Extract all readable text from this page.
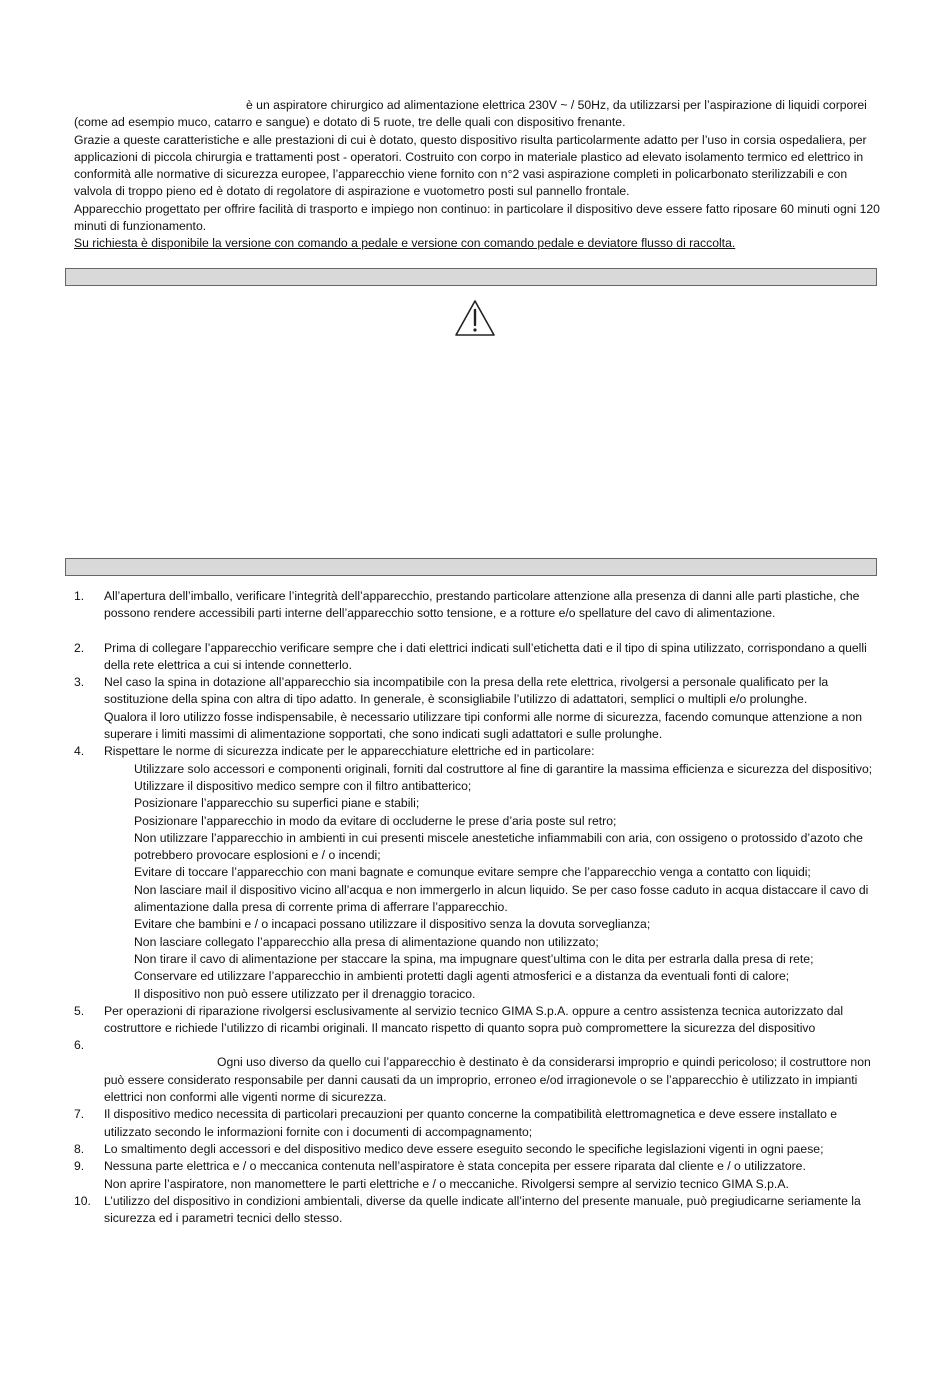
è un aspiratore chirurgico ad alimentazione elettrica 230V ~ / 50Hz, da utilizzarsi per l’aspirazione di liquidi corporei (come ad esempio muco, catarro e sangue) e dotato di 5 ruote, tre delle quali con dispositivo frenante.

Grazie a queste caratteristiche e alle prestazioni di cui è dotato, questo dispositivo risulta particolarmente adatto per l’uso in corsia ospedaliera, per applicazioni di piccola chirurgia e trattamenti post - operatori. Costruito con corpo in materiale plastico ad elevato isolamento termico ed elettrico in conformità alle normative di sicurezza europee, l’apparecchio viene fornito con n°2 vasi aspirazione completi in policarbonato sterilizzabili e con valvola di troppo pieno ed è dotato di regolatore di aspirazione e vuotometro posti sul pannello frontale.

Apparecchio progettato per offrire facilità di trasporto e impiego non continuo: in particolare il dispositivo deve essere fatto riposare 60 minuti ogni 120 minuti di funzionamento.

Su richiesta è disponibile la versione con comando a pedale e versione con comando pedale e deviatore flusso di raccolta.

1. All’apertura dell’imballo, verificare l’integrità dell’apparecchio, prestando particolare attenzione alla presenza di danni alle parti plastiche, che possono rendere accessibili parti interne dell’apparecchio sotto tensione, e a rotture e/o spellature del cavo di alimentazione.

2. Prima di collegare l’apparecchio verificare sempre che i dati elettrici indicati sull’etichetta dati e il tipo di spina utilizzato, corrispondano a quelli della rete elettrica a cui si intende connetterlo.

3. Nel caso la spina in dotazione all’apparecchio sia incompatibile con la presa della rete elettrica, rivolgersi a personale qualificato per la sostituzione della spina con altra di tipo adatto. In generale, è sconsigliabile l’utilizzo di adattatori, semplici o multipli e/o prolunghe.

Qualora il loro utilizzo fosse indispensabile, è necessario utilizzare tipi conformi alle norme di sicurezza, facendo comunque attenzione a non superare i limiti massimi di alimentazione sopportati, che sono indicati sugli adattatori e sulle prolunghe.

4. Rispettare le norme di sicurezza indicate per le apparecchiature elettriche ed in particolare:

Utilizzare solo accessori e componenti originali, forniti dal costruttore al fine di garantire la massima efficienza e sicurezza del dispositivo;

Utilizzare il dispositivo medico sempre con il filtro antibatterico;

Posizionare l’apparecchio su superfici piane e stabili;

Posizionare l’apparecchio in modo da evitare di occluderne le prese d’aria poste sul retro;

Non utilizzare l’apparecchio in ambienti in cui presenti miscele anestetiche infiammabili con aria, con ossigeno o protossido d’azoto che potrebbero provocare esplosioni e / o incendi;

Evitare di toccare l’apparecchio con mani bagnate e comunque evitare sempre che l’apparecchio venga a contatto con liquidi;

Non lasciare mail il dispositivo vicino all’acqua e non immergerlo in alcun liquido. Se per caso fosse caduto in acqua distaccare il cavo di alimentazione dalla presa di corrente prima di afferrare l’apparecchio.

Evitare che bambini e / o incapaci possano utilizzare il dispositivo senza la dovuta sorveglianza;

Non lasciare collegato l’apparecchio alla presa di alimentazione quando non utilizzato;

Non tirare il cavo di alimentazione per staccare la spina, ma impugnare quest’ultima con le dita per estrarla dalla presa di rete;

Conservare ed utilizzare l’apparecchio in ambienti protetti dagli agenti atmosferici e a distanza da eventuali fonti di calore;

Il dispositivo non può essere utilizzato per il drenaggio toracico.

5. Per operazioni di riparazione rivolgersi esclusivamente al servizio tecnico GIMA S.p.A. oppure a centro assistenza tecnica autorizzato dal costruttore e richiede l’utilizzo di ricambi originali. Il mancato rispetto di quanto sopra può compromettere la sicurezza del dispositivo

6.

Ogni uso diverso da quello cui l’apparecchio è destinato è da considerarsi improprio e quindi pericoloso; il costruttore non può essere considerato responsabile per danni causati da un improprio, erroneo e/od irragionevole o se l’apparecchio è utilizzato in impianti elettrici non conformi alle vigenti norme di sicurezza.

7. Il dispositivo medico necessita di particolari precauzioni per quanto concerne la compatibilità elettromagnetica e deve essere installato e utilizzato secondo le informazioni fornite con i documenti di accompagnamento;

8. Lo smaltimento degli accessori e del dispositivo medico deve essere eseguito secondo le specifiche legislazioni vigenti in ogni paese;

9. Nessuna parte elettrica e / o meccanica contenuta nell’aspiratore è stata concepita per essere riparata dal cliente e / o utilizzatore.

Non aprire l’aspiratore, non manomettere le parti elettriche e / o meccaniche. Rivolgersi sempre al servizio tecnico GIMA S.p.A.

10. L’utilizzo del dispositivo in condizioni ambientali, diverse da quelle indicate all’interno del presente manuale, può pregiudicarne seriamente la sicurezza ed i parametri tecnici dello stesso.
